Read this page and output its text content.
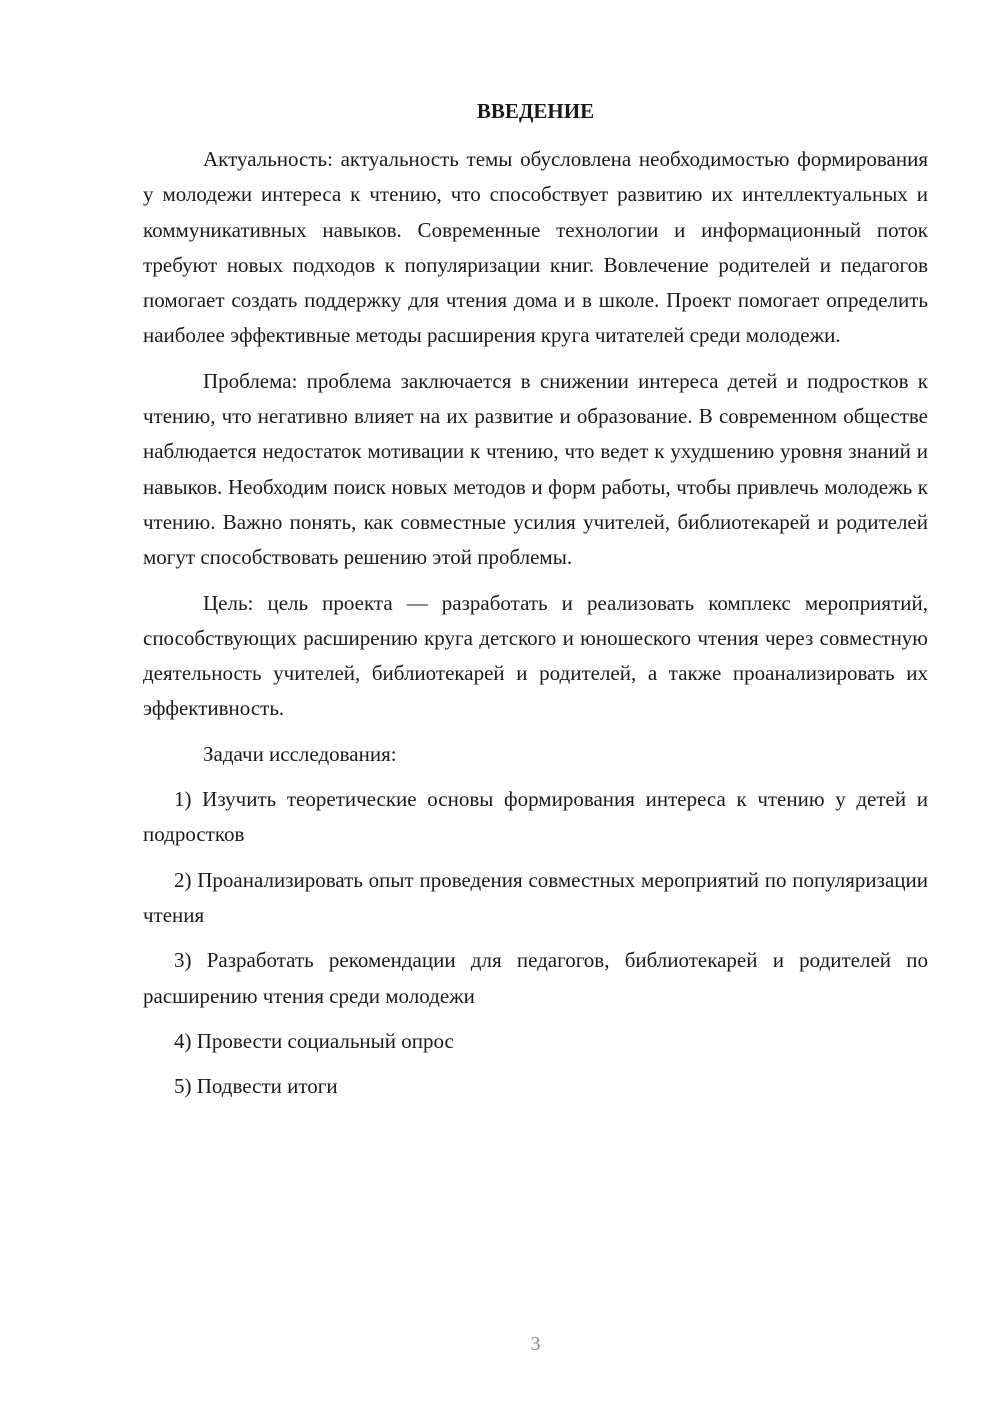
ВВЕДЕНИЕ

Актуальность: актуальность темы обусловлена необходимостью формирования у молодежи интереса к чтению, что способствует развитию их интеллектуальных и коммуникативных навыков. Современные технологии и информационный поток требуют новых подходов к популяризации книг. Вовлечение родителей и педагогов помогает создать поддержку для чтения дома и в школе. Проект помогает определить наиболее эффективные методы расширения круга читателей среди молодежи.

Проблема: проблема заключается в снижении интереса детей и подростков к чтению, что негативно влияет на их развитие и образование. В современном обществе наблюдается недостаток мотивации к чтению, что ведет к ухудшению уровня знаний и навыков. Необходим поиск новых методов и форм работы, чтобы привлечь молодежь к чтению. Важно понять, как совместные усилия учителей, библиотекарей и родителей могут способствовать решению этой проблемы.

Цель: цель проекта — разработать и реализовать комплекс мероприятий, способствующих расширению круга детского и юношеского чтения через совместную деятельность учителей, библиотекарей и родителей, а также проанализировать их эффективность.

Задачи исследования:

1) Изучить теоретические основы формирования интереса к чтению у детей и подростков

2) Проанализировать опыт проведения совместных мероприятий по популяризации чтения

3) Разработать рекомендации для педагогов, библиотекарей и родителей по расширению чтения среди молодежи

4) Провести социальный опрос

5) Подвести итоги

3
